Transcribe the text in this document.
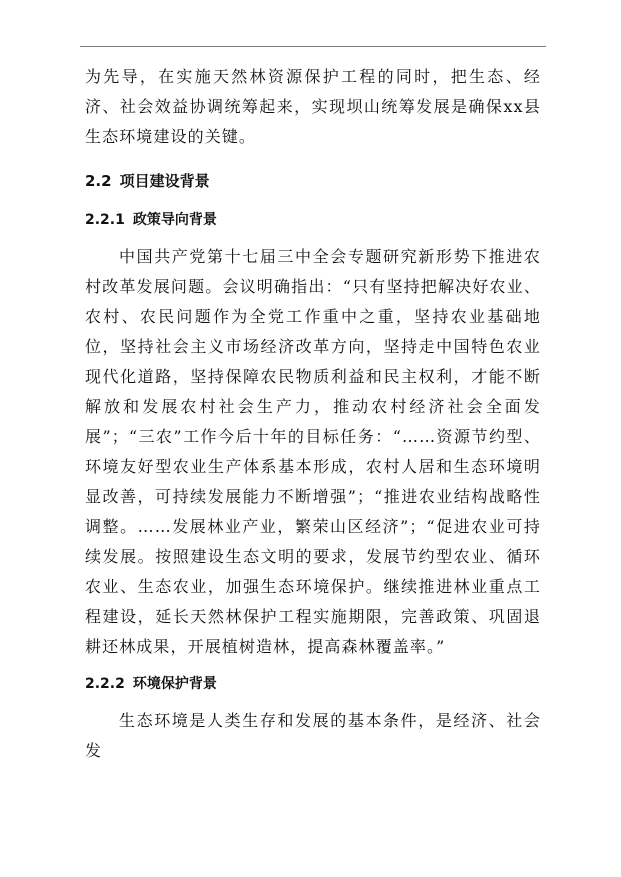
为先导，在实施天然林资源保护工程的同时，把生态、经济、社会效益协调统筹起来，实现坝山统筹发展是确保xx县生态环境建设的关键。

2.2 项目建设背景
2.2.1 政策导向背景

中国共产党第十七届三中全会专题研究新形势下推进农村改革发展问题。会议明确指出：“只有坚持把解决好农业、农村、农民问题作为全党工作重中之重，坚持农业基础地位，坚持社会主义市场经济改革方向，坚持走中国特色农业现代化道路，坚持保障农民物质利益和民主权利，才能不断解放和发展农村社会生产力，推动农村经济社会全面发展”；“三农”工作今后十年的目标任务：“……资源节约型、环境友好型农业生产体系基本形成，农村人居和生态环境明显改善，可持续发展能力不断增强”；“推进农业结构战略性调整。……发展林业产业，繁荣山区经济”；“促进农业可持续发展。按照建设生态文明的要求，发展节约型农业、循环农业、生态农业，加强生态环境保护。继续推进林业重点工程建设，延长天然林保护工程实施期限，完善政策、巩固退耕还林成果，开展植树造林，提高森林覆盖率。”

2.2.2 环境保护背景

生态环境是人类生存和发展的基本条件，是经济、社会发
